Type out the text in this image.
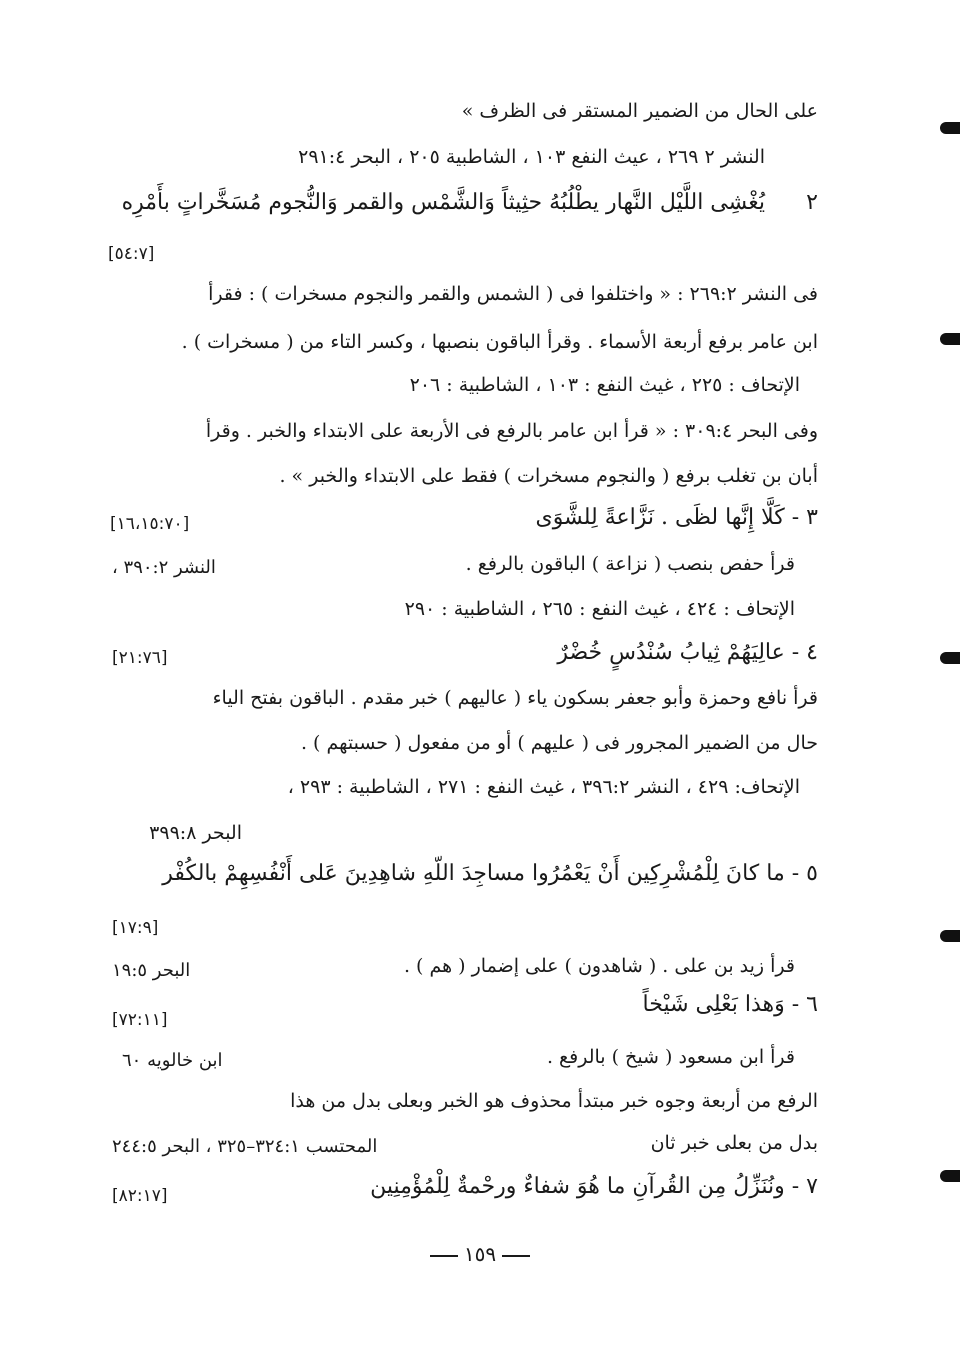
على الحال من الضمير المستقر فى الظرف »
النشر ٢ ٢٦٩ ، عيث النفع ١٠٣ ، الشاطبية ٢٠٥ ، البحر ٢٩١:٤
٢
يُغْشِى اللَّيْل النَّهار يطْلُبُهُ حثِيثاً وَالشَّمْس والقمر وَالنُّجوم مُسَخَّراتٍ بأَمْرِه
[٥٤:٧]
فى النشر ٢٦٩:٢ : « واختلفوا فى ( الشمس والقمر والنجوم مسخرات ) : فقرأ
ابن عامر برفع أربعة الأسماء . وقرأ الباقون بنصبها ، وكسر التاء من ( مسخرات ) .
الإتحاف : ٢٢٥ ، غيث النفع : ١٠٣ ، الشاطبية : ٢٠٦
وفى البحر ٣٠٩:٤ : « قرأ ابن عامر بالرفع فى الأربعة على الابتداء والخبر . وقرأ
أبان بن تغلب برفع ( والنجوم مسخرات ) فقط على الابتداء والخبر » .
٣ - كَلَّا إِنَّها لظَى . نَزَّاعةً لِلشَّوَى
[١٦،١٥:٧٠]
قرأ حفص بنصب ( نزاعة ) الباقون بالرفع .
النشر ٣٩٠:٢ ،
الإتحاف : ٤٢٤ ، غيث النفع : ٢٦٥ ، الشاطبية : ٢٩٠
٤ - عالِيَهُمْ ثِيابُ سُنْدُسٍ خُضْرٌ
[٢١:٧٦]
قرأ نافع وحمزة وأبو جعفر بسكون ياء ( عاليهم ) خبر مقدم . الباقون بفتح الياء
حال من الضمير المجرور فى ( عليهم ) أو من مفعول ( حسبتهم ) .
الإتحاف: ٤٢٩ ، النشر ٣٩٦:٢ ، غيث النفع : ٢٧١ ، الشاطبية : ٢٩٣ ،
البحر ٣٩٩:٨
٥ - ما كانَ لِلْمُشْرِكِين أَنْ يَعْمُرُوا مساجِدَ اللّهِ شاهِدِينَ عَلى أَنْفُسِهِمْ بالكُفْر
[١٧:٩]
قرأ زيد بن على . ( شاهدون ) على إضمار ( هم ) .
البحر ١٩:٥
٦ - وَهذا بَعْلِى شَيْخاً
[٧٢:١١]
قرأ ابن مسعود ( شيخ ) بالرفع .
ابن خالويه ٦٠
الرفع من أربعة وجوه خبر مبتدأ محذوف هو الخبر وبعلى بدل من هذا
بدل من بعلى خبر ثان
المحتسب ٣٢٤:١–٣٢٥ ، البحر ٢٤٤:٥
٧ - ونُنَزِّلُ مِن القُرآنِ ما هُوَ شفاءٌ ورحْمةٌ لِلْمُؤْمِنِين
[٨٢:١٧]
١٥٩
